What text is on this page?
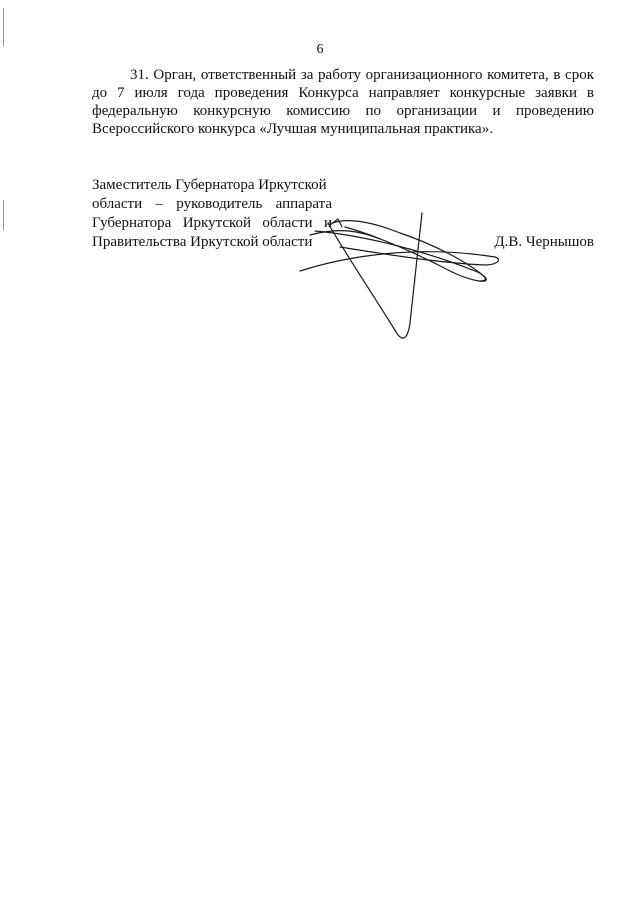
6
31. Орган, ответственный за работу организационного комитета, в срок
до 7 июля года проведения Конкурса направляет конкурсные заявки в
федеральную конкурсную комиссию по организации и проведению
Всероссийского конкурса «Лучшая муниципальная практика».
Заместитель Губернатора Иркутской
области – руководитель аппарата
Губернатора Иркутской области и
Правительства Иркутской области	Д.В. Чернышов
